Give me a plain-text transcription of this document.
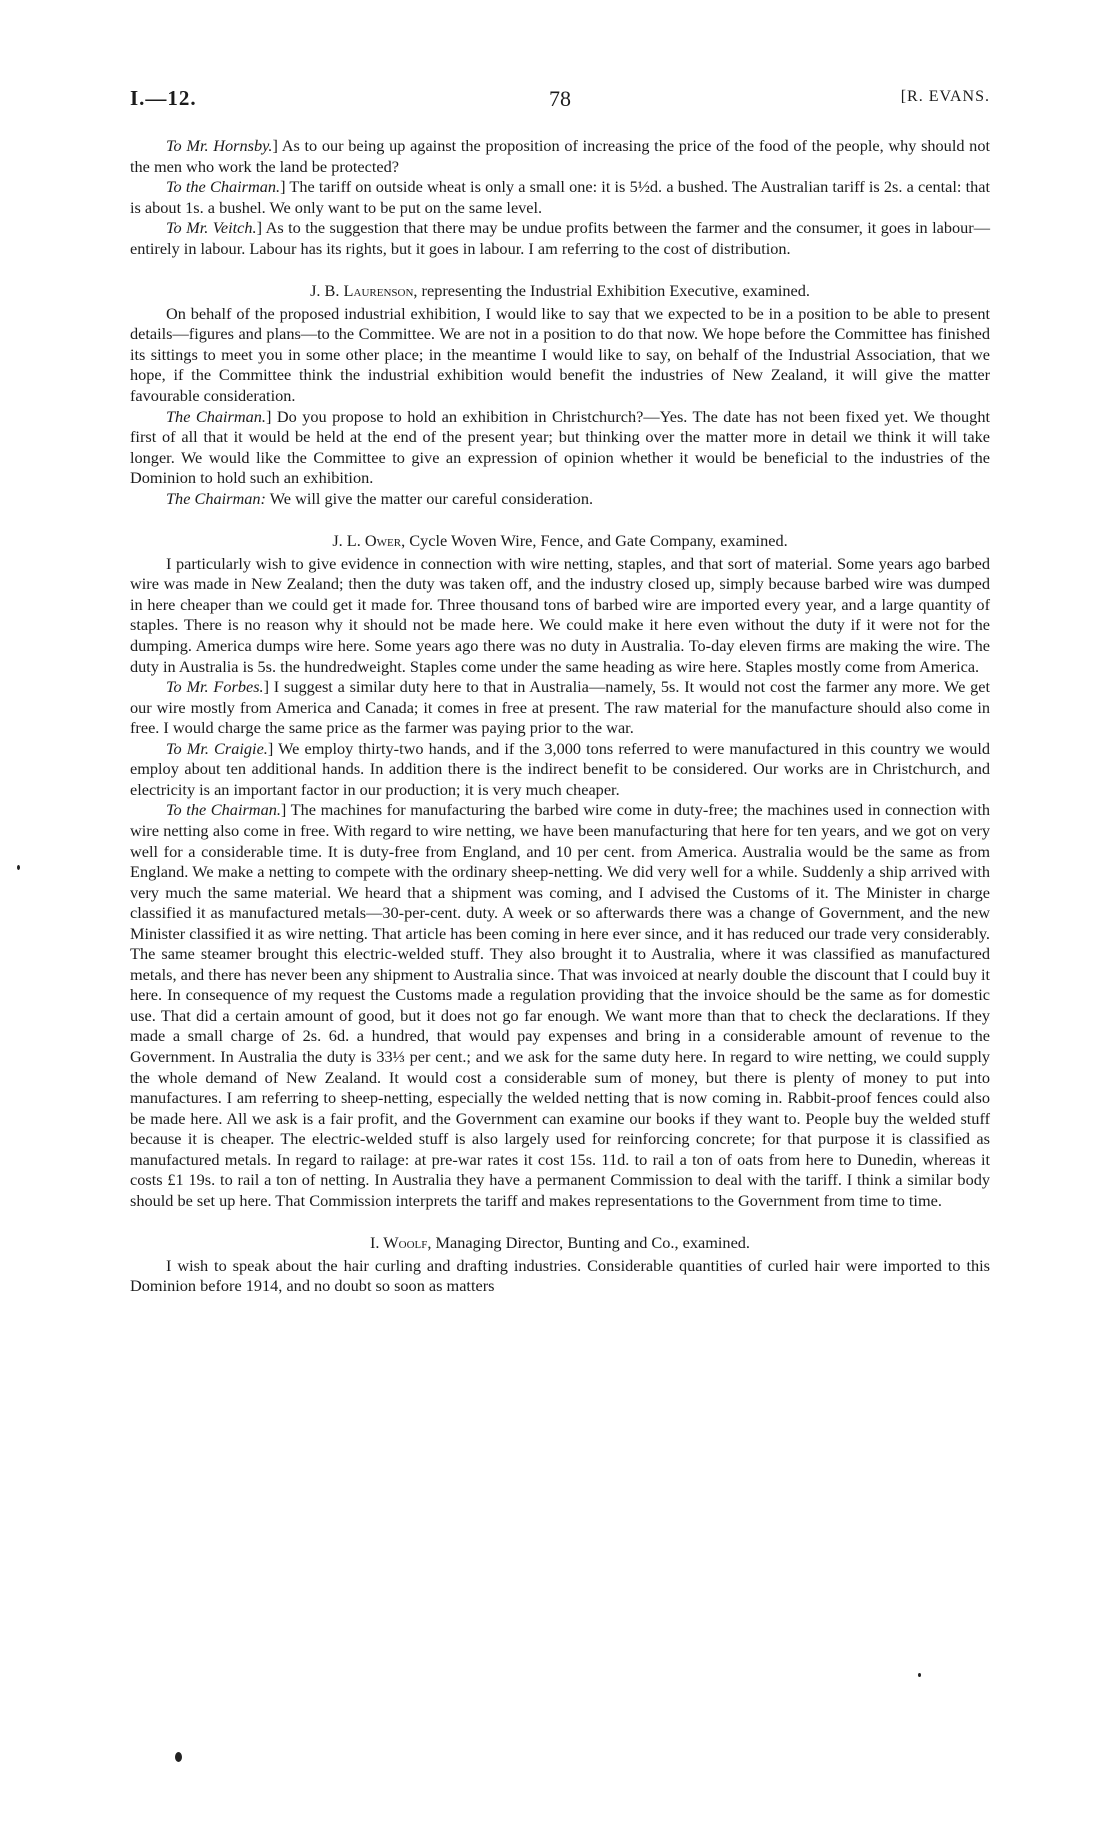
I.—12.	78	[R. EVANS.

To Mr. Hornsby.] As to our being up against the proposition of increasing the price of the food of the people, why should not the men who work the land be protected?

To the Chairman.] The tariff on outside wheat is only a small one: it is 5½d. a bushed. The Australian tariff is 2s. a cental: that is about 1s. a bushel. We only want to be put on the same level.

To Mr. Veitch.] As to the suggestion that there may be undue profits between the farmer and the consumer, it goes in labour—entirely in labour. Labour has its rights, but it goes in labour. I am referring to the cost of distribution.

J. B. Laurenson, representing the Industrial Exhibition Executive, examined.

On behalf of the proposed industrial exhibition, I would like to say that we expected to be in a position to be able to present details—figures and plans—to the Committee. We are not in a position to do that now. We hope before the Committee has finished its sittings to meet you in some other place; in the meantime I would like to say, on behalf of the Industrial Association, that we hope, if the Committee think the industrial exhibition would benefit the industries of New Zealand, it will give the matter favourable consideration.

The Chairman.] Do you propose to hold an exhibition in Christchurch?—Yes. The date has not been fixed yet. We thought first of all that it would be held at the end of the present year; but thinking over the matter more in detail we think it will take longer. We would like the Committee to give an expression of opinion whether it would be beneficial to the industries of the Dominion to hold such an exhibition.

The Chairman: We will give the matter our careful consideration.

J. L. Ower, Cycle Woven Wire, Fence, and Gate Company, examined.

I particularly wish to give evidence in connection with wire netting, staples, and that sort of material. Some years ago barbed wire was made in New Zealand; then the duty was taken off, and the industry closed up, simply because barbed wire was dumped in here cheaper than we could get it made for. Three thousand tons of barbed wire are imported every year, and a large quantity of staples. There is no reason why it should not be made here. We could make it here even without the duty if it were not for the dumping. America dumps wire here. Some years ago there was no duty in Australia. To-day eleven firms are making the wire. The duty in Australia is 5s. the hundredweight. Staples come under the same heading as wire here. Staples mostly come from America.

To Mr. Forbes.] I suggest a similar duty here to that in Australia—namely, 5s. It would not cost the farmer any more. We get our wire mostly from America and Canada; it comes in free at present. The raw material for the manufacture should also come in free. I would charge the same price as the farmer was paying prior to the war.

To Mr. Craigie.] We employ thirty-two hands, and if the 3,000 tons referred to were manufactured in this country we would employ about ten additional hands. In addition there is the indirect benefit to be considered. Our works are in Christchurch, and electricity is an important factor in our production; it is very much cheaper.

To the Chairman.] The machines for manufacturing the barbed wire come in duty-free; the machines used in connection with wire netting also come in free. With regard to wire netting, we have been manufacturing that here for ten years, and we got on very well for a considerable time. It is duty-free from England, and 10 per cent. from America. Australia would be the same as from England. We make a netting to compete with the ordinary sheep-netting. We did very well for a while. Suddenly a ship arrived with very much the same material. We heard that a shipment was coming, and I advised the Customs of it. The Minister in charge classified it as manufactured metals—30-per-cent. duty. A week or so afterwards there was a change of Government, and the new Minister classified it as wire netting. That article has been coming in here ever since, and it has reduced our trade very considerably. The same steamer brought this electric-welded stuff. They also brought it to Australia, where it was classified as manufactured metals, and there has never been any shipment to Australia since. That was invoiced at nearly double the discount that I could buy it here. In consequence of my request the Customs made a regulation providing that the invoice should be the same as for domestic use. That did a certain amount of good, but it does not go far enough. We want more than that to check the declarations. If they made a small charge of 2s. 6d. a hundred, that would pay expenses and bring in a considerable amount of revenue to the Government. In Australia the duty is 33⅓ per cent.; and we ask for the same duty here. In regard to wire netting, we could supply the whole demand of New Zealand. It would cost a considerable sum of money, but there is plenty of money to put into manufactures. I am referring to sheep-netting, especially the welded netting that is now coming in. Rabbit-proof fences could also be made here. All we ask is a fair profit, and the Government can examine our books if they want to. People buy the welded stuff because it is cheaper. The electric-welded stuff is also largely used for reinforcing concrete; for that purpose it is classified as manufactured metals. In regard to railage: at pre-war rates it cost 15s. 11d. to rail a ton of oats from here to Dunedin, whereas it costs £1 19s. to rail a ton of netting. In Australia they have a permanent Commission to deal with the tariff. I think a similar body should be set up here. That Commission interprets the tariff and makes representations to the Government from time to time.

I. Woolf, Managing Director, Bunting and Co., examined.

I wish to speak about the hair curling and drafting industries. Considerable quantities of curled hair were imported to this Dominion before 1914, and no doubt so soon as matters
